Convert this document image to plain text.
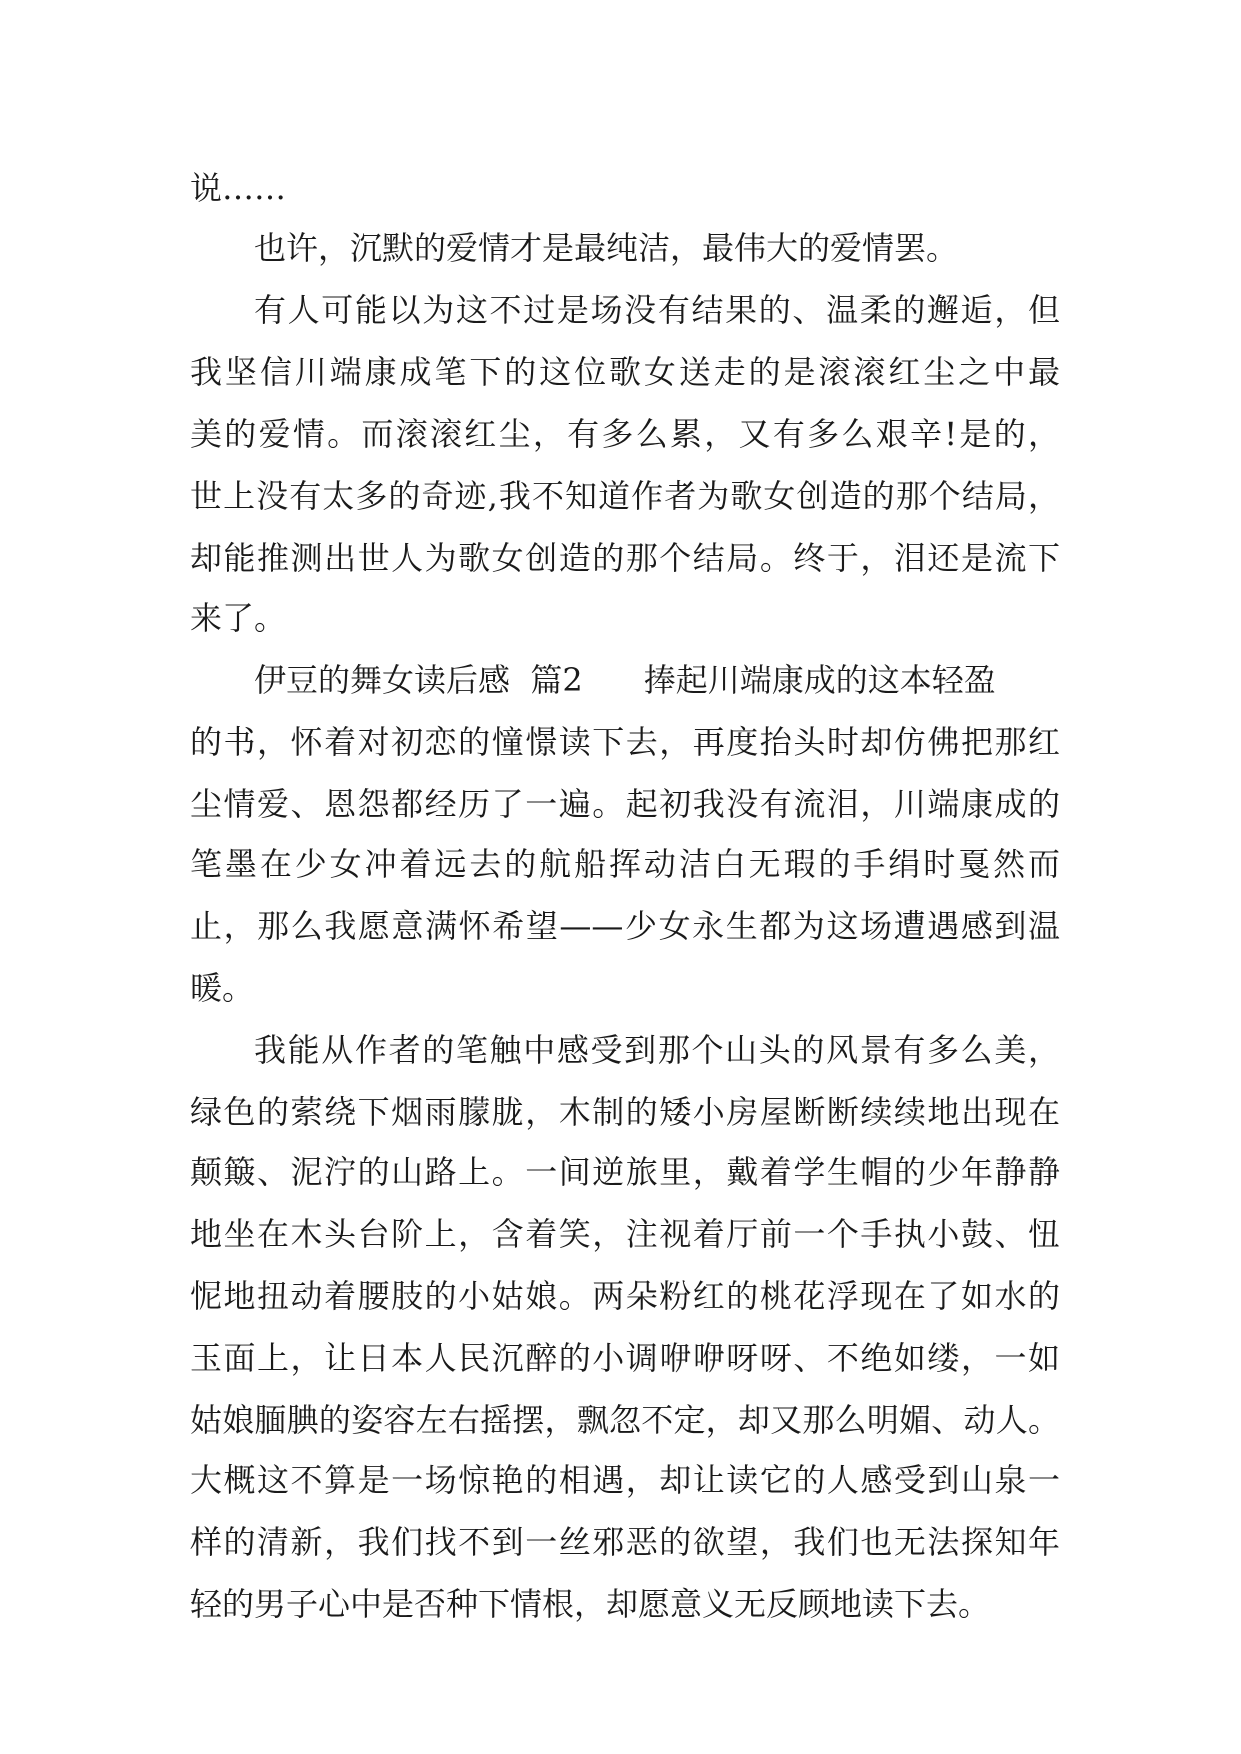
说……
也许，沉默的爱情才是最纯洁，最伟大的爱情罢。
有人可能以为这不过是场没有结果的、温柔的邂逅，但
我坚信川端康成笔下的这位歌女送走的是滚滚红尘之中最
美的爱情。而滚滚红尘，有多么累，又有多么艰辛!是的，
世上没有太多的奇迹,我不知道作者为歌女创造的那个结局，
却能推测出世人为歌女创造的那个结局。终于，泪还是流下
来了。
伊豆的舞女读后感  篇2      捧起川端康成的这本轻盈
的书，怀着对初恋的憧憬读下去，再度抬头时却仿佛把那红
尘情爱、恩怨都经历了一遍。起初我没有流泪，川端康成的
笔墨在少女冲着远去的航船挥动洁白无瑕的手绢时戛然而
止，那么我愿意满怀希望——少女永生都为这场遭遇感到温
暖。
我能从作者的笔触中感受到那个山头的风景有多么美，
绿色的萦绕下烟雨朦胧，木制的矮小房屋断断续续地出现在
颠簸、泥泞的山路上。一间逆旅里，戴着学生帽的少年静静
地坐在木头台阶上，含着笑，注视着厅前一个手执小鼓、忸
怩地扭动着腰肢的小姑娘。两朵粉红的桃花浮现在了如水的
玉面上，让日本人民沉醉的小调咿咿呀呀、不绝如缕，一如
姑娘腼腆的姿容左右摇摆，飘忽不定，却又那么明媚、动人。
大概这不算是一场惊艳的相遇，却让读它的人感受到山泉一
样的清新，我们找不到一丝邪恶的欲望，我们也无法探知年
轻的男子心中是否种下情根，却愿意义无反顾地读下去。
